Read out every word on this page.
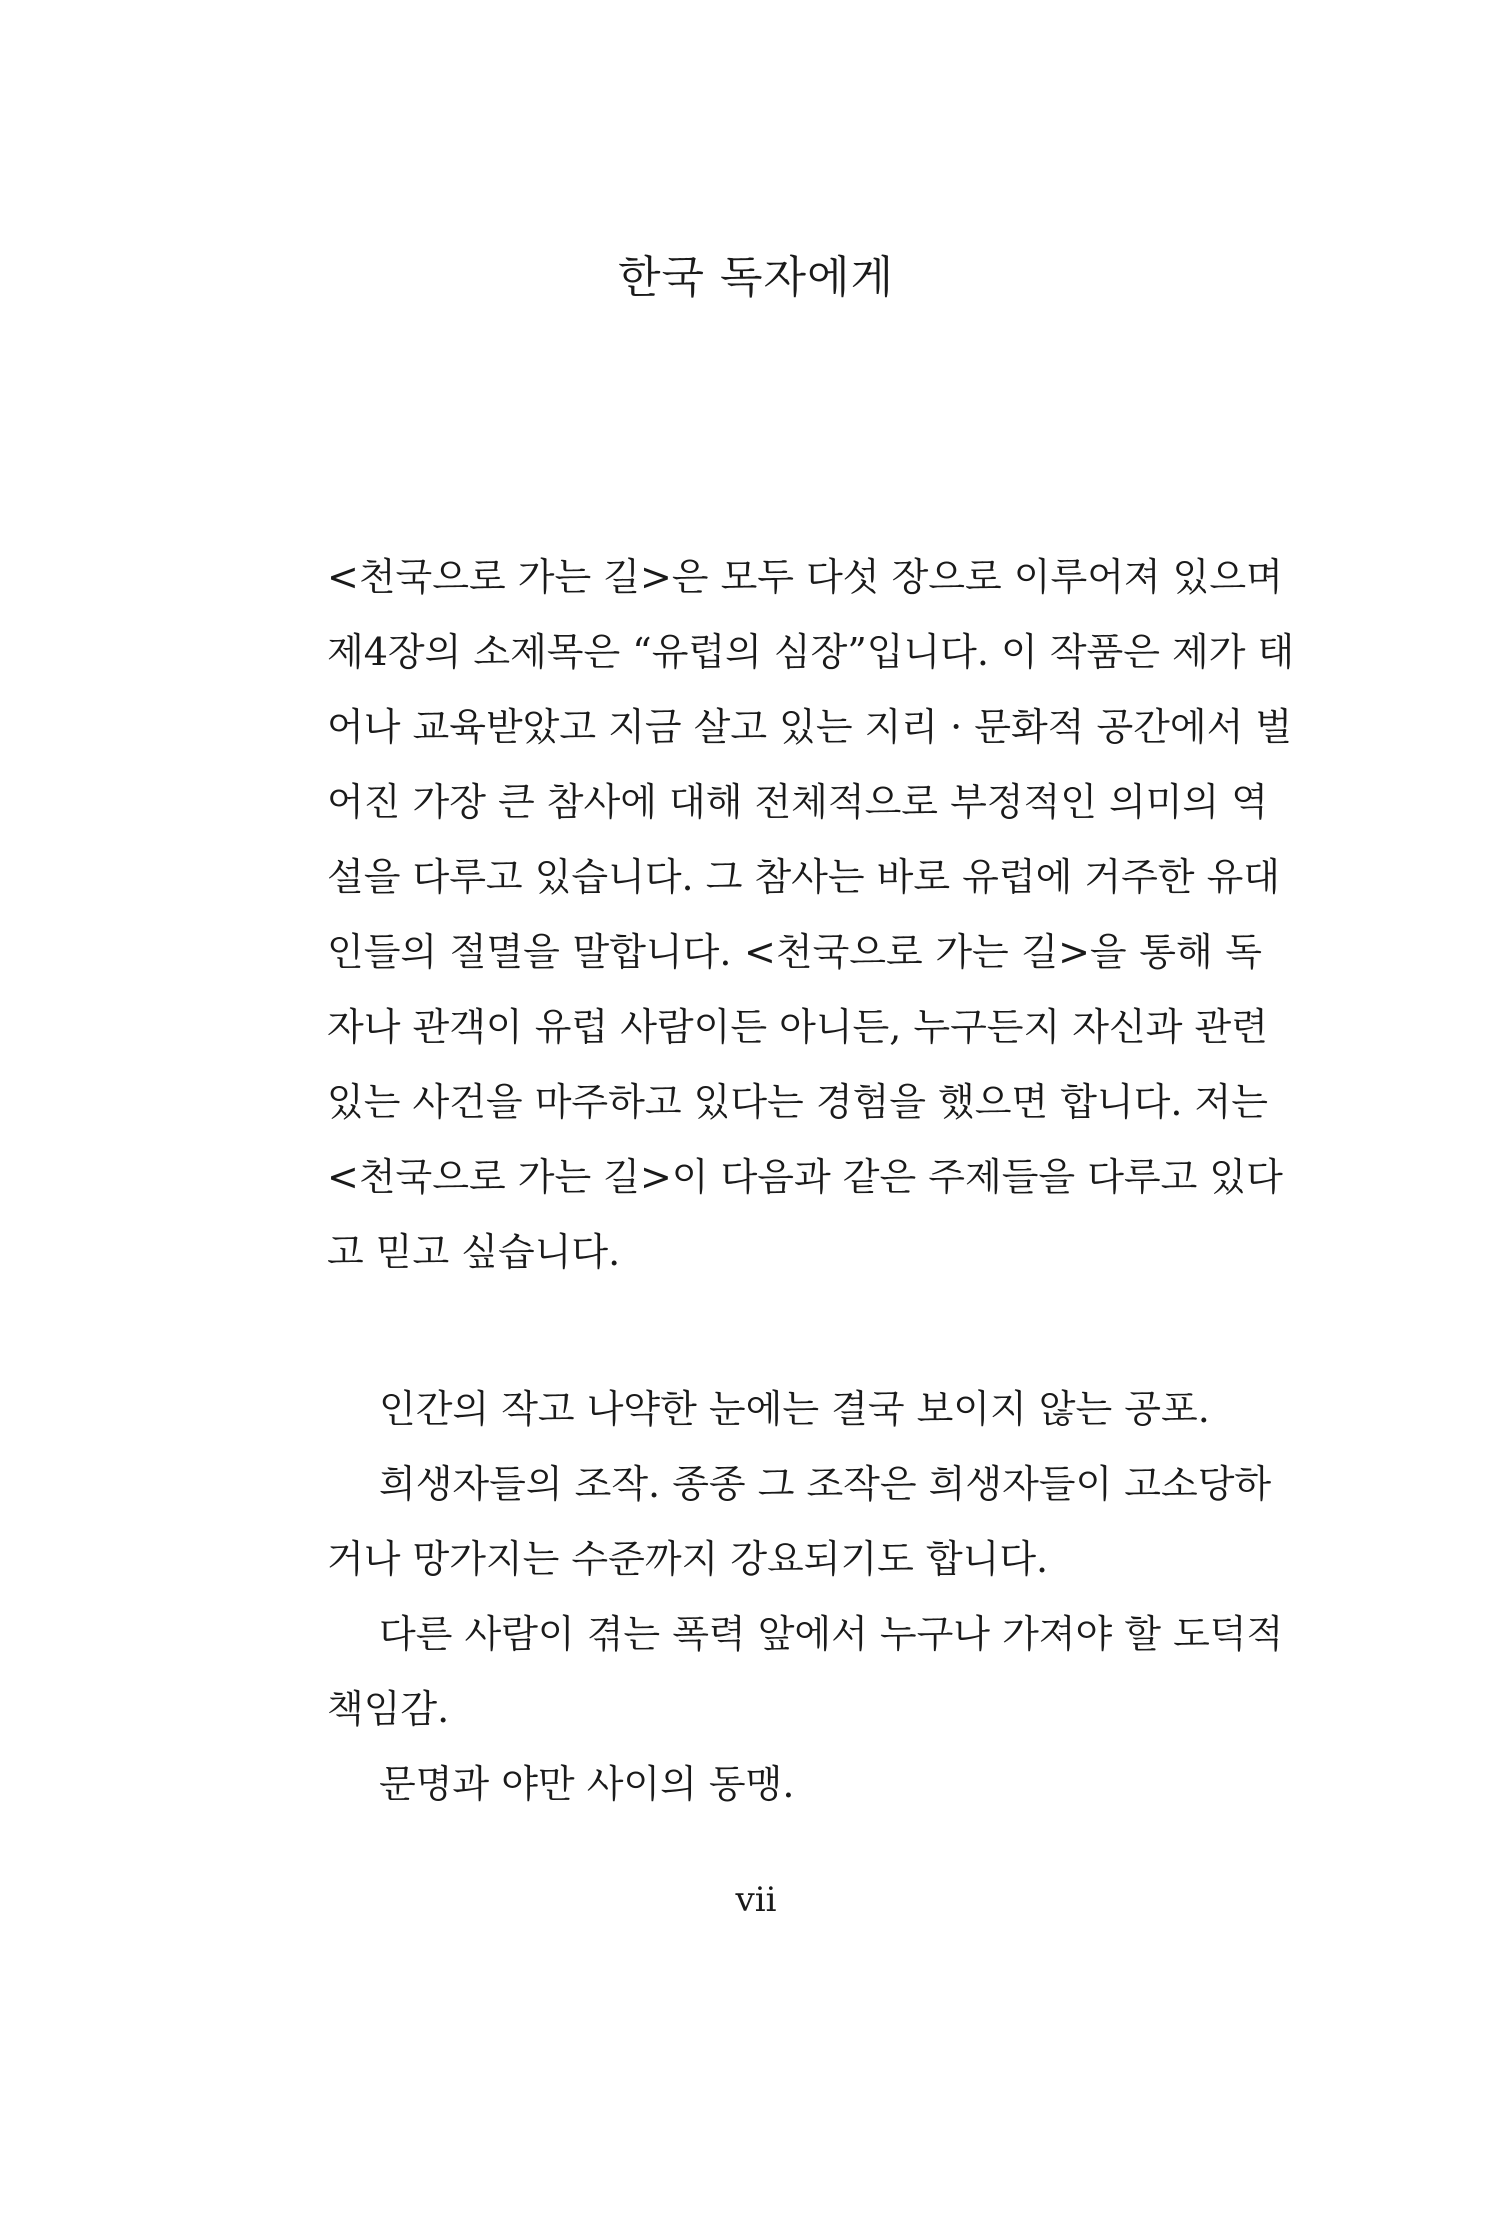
한국 독자에게
<천국으로 가는 길>은 모두 다섯 장으로 이루어져 있으며
제4장의 소제목은 “유럽의 심장”입니다. 이 작품은 제가 태
어나 교육받았고 지금 살고 있는 지리 · 문화적 공간에서 벌
어진 가장 큰 참사에 대해 전체적으로 부정적인 의미의 역
설을 다루고 있습니다. 그 참사는 바로 유럽에 거주한 유대
인들의 절멸을 말합니다. <천국으로 가는 길>을 통해 독
자나 관객이 유럽 사람이든 아니든, 누구든지 자신과 관련
있는 사건을 마주하고 있다는 경험을 했으면 합니다. 저는
<천국으로 가는 길>이 다음과 같은 주제들을 다루고 있다
고 믿고 싶습니다.
인간의 작고 나약한 눈에는 결국 보이지 않는 공포.
희생자들의 조작. 종종 그 조작은 희생자들이 고소당하
거나 망가지는 수준까지 강요되기도 합니다.
다른 사람이 겪는 폭력 앞에서 누구나 가져야 할 도덕적
책임감.
문명과 야만 사이의 동맹.
vii
